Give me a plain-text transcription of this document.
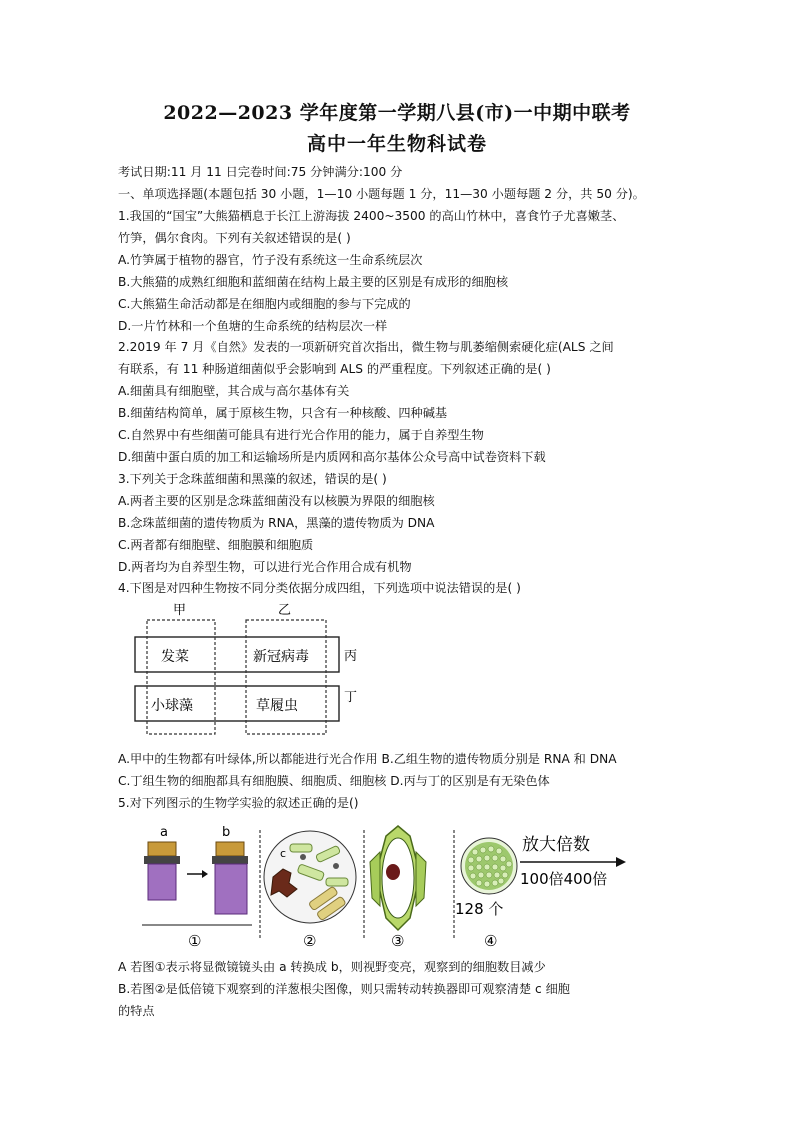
2022—2023 学年度第一学期八县(市)一中期中联考
高中一年生物科试卷
考试日期:11 月 11 日完卷时间:75 分钟满分:100 分
一、单项选择题(本题包括 30 小题，1—10 小题每题 1 分，11—30 小题每题 2 分，共 50 分)。
1.我国的“国宝”大熊猫栖息于长江上游海拔 2400~3500 的高山竹林中，喜食竹子尤喜嫩茎、
竹笋，偶尔食肉。下列有关叙述错误的是( )
A.竹笋属于植物的器官，竹子没有系统这一生命系统层次
B.大熊猫的成熟红细胞和蓝细菌在结构上最主要的区别是有成形的细胞核
C.大熊猫生命活动都是在细胞内或细胞的参与下完成的
D.一片竹林和一个鱼塘的生命系统的结构层次一样
2.2019 年 7 月《自然》发表的一项新研究首次指出，微生物与肌萎缩侧索硬化症(ALS 之间
有联系，有 11 种肠道细菌似乎会影响到 ALS 的严重程度。下列叙述正确的是( )
A.细菌具有细胞壁，其合成与高尔基体有关
B.细菌结构简单，属于原核生物，只含有一种核酸、四种碱基
C.自然界中有些细菌可能具有进行光合作用的能力，属于自养型生物
D.细菌中蛋白质的加工和运输场所是内质网和高尔基体公众号高中试卷资料下载
3.下列关于念珠蓝细菌和黑藻的叙述，错误的是( )
A.两者主要的区别是念珠蓝细菌没有以核膜为界限的细胞核
B.念珠蓝细菌的遗传物质为 RNA，黑藻的遗传物质为 DNA
C.两者都有细胞壁、细胞膜和细胞质
D.两者均为自养型生物，可以进行光合作用合成有机物
4.下图是对四种生物按不同分类依据分成四组，下列选项中说法错误的是( )
甲	乙
发菜	新冠病毒
小球藻	草履虫
丙
丁
A.甲中的生物都有叶绿体,所以都能进行光合作用 B.乙组生物的遗传物质分别是 RNA 和 DNA
C.丁组生物的细胞都具有细胞膜、细胞质、细胞核 D.丙与丁的区别是有无染色体
5.对下列图示的生物学实验的叙述正确的是()
a	b
c
128 个
放大倍数
100倍400倍
①	②	③	④
A 若图①表示将显微镜镜头由 a 转换成 b，则视野变亮，观察到的细胞数目减少
B.若图②是低倍镜下观察到的洋葱根尖图像，则只需转动转换器即可观察清楚 c 细胞
的特点
